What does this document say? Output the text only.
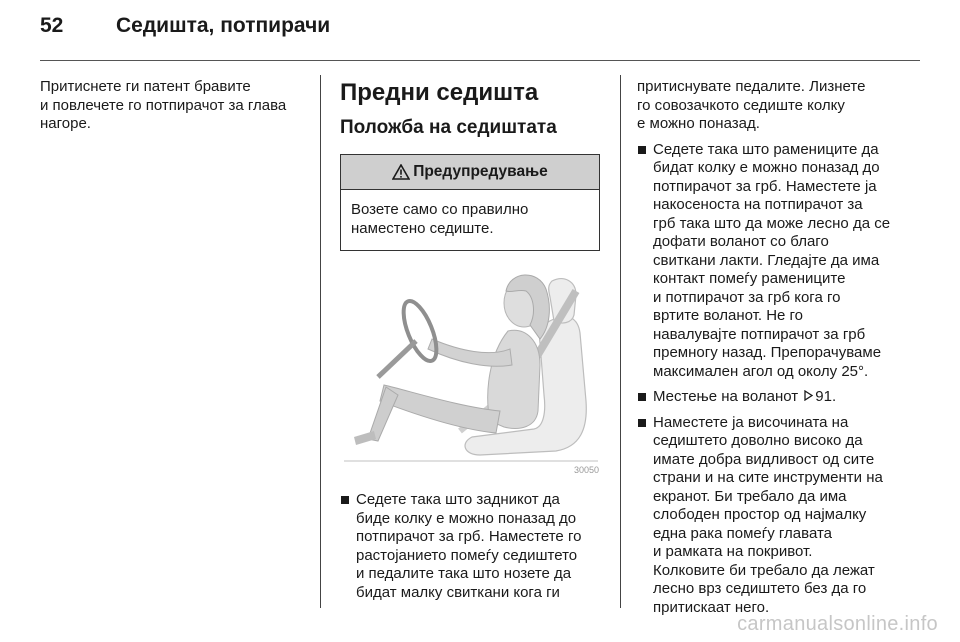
52	Седишта, потпирачи

Притиснете ги патент бравите
и повлечете го потпирачот за глава
нагоре.

Предни седишта
Положба на седиштата
Предупредување
Возете само со правилно
наместено седиште.
30050
Седете така што задникот да
биде колку е можно поназад до
потпирачот за грб. Наместете го
растојанието помеѓу седиштето
и педалите така што нозете да
бидат малку свиткани кога ги

притиснувате педалите. Лизнете
го совозачкото седиште колку
е можно поназад.

Седете така што рамениците да
бидат колку е можно поназад до
потпирачот за грб. Наместете ја
накосеноста на потпирачот за
грб така што да може лесно да се
дофати воланот со благо
свиткани лакти. Гледајте да има
контакт помеѓу рамениците
и потпирачот за грб кога го
вртите воланот. Не го
навалувајте потпирачот за грб
премногу назад. Препорачуваме
максимален агол од околу 25°.
Местење на воланот 91.
Наместете ја височината на
седиштето доволно високо да
имате добра видливост од сите
страни и на сите инструменти на
екранот. Би требало да има
слободен простор од најмалку
една рака помеѓу главата
и рамката на покривот.
Колковите би требало да лежат
лесно врз седиштето без да го
притискаат него.
carmanualsonline.info
